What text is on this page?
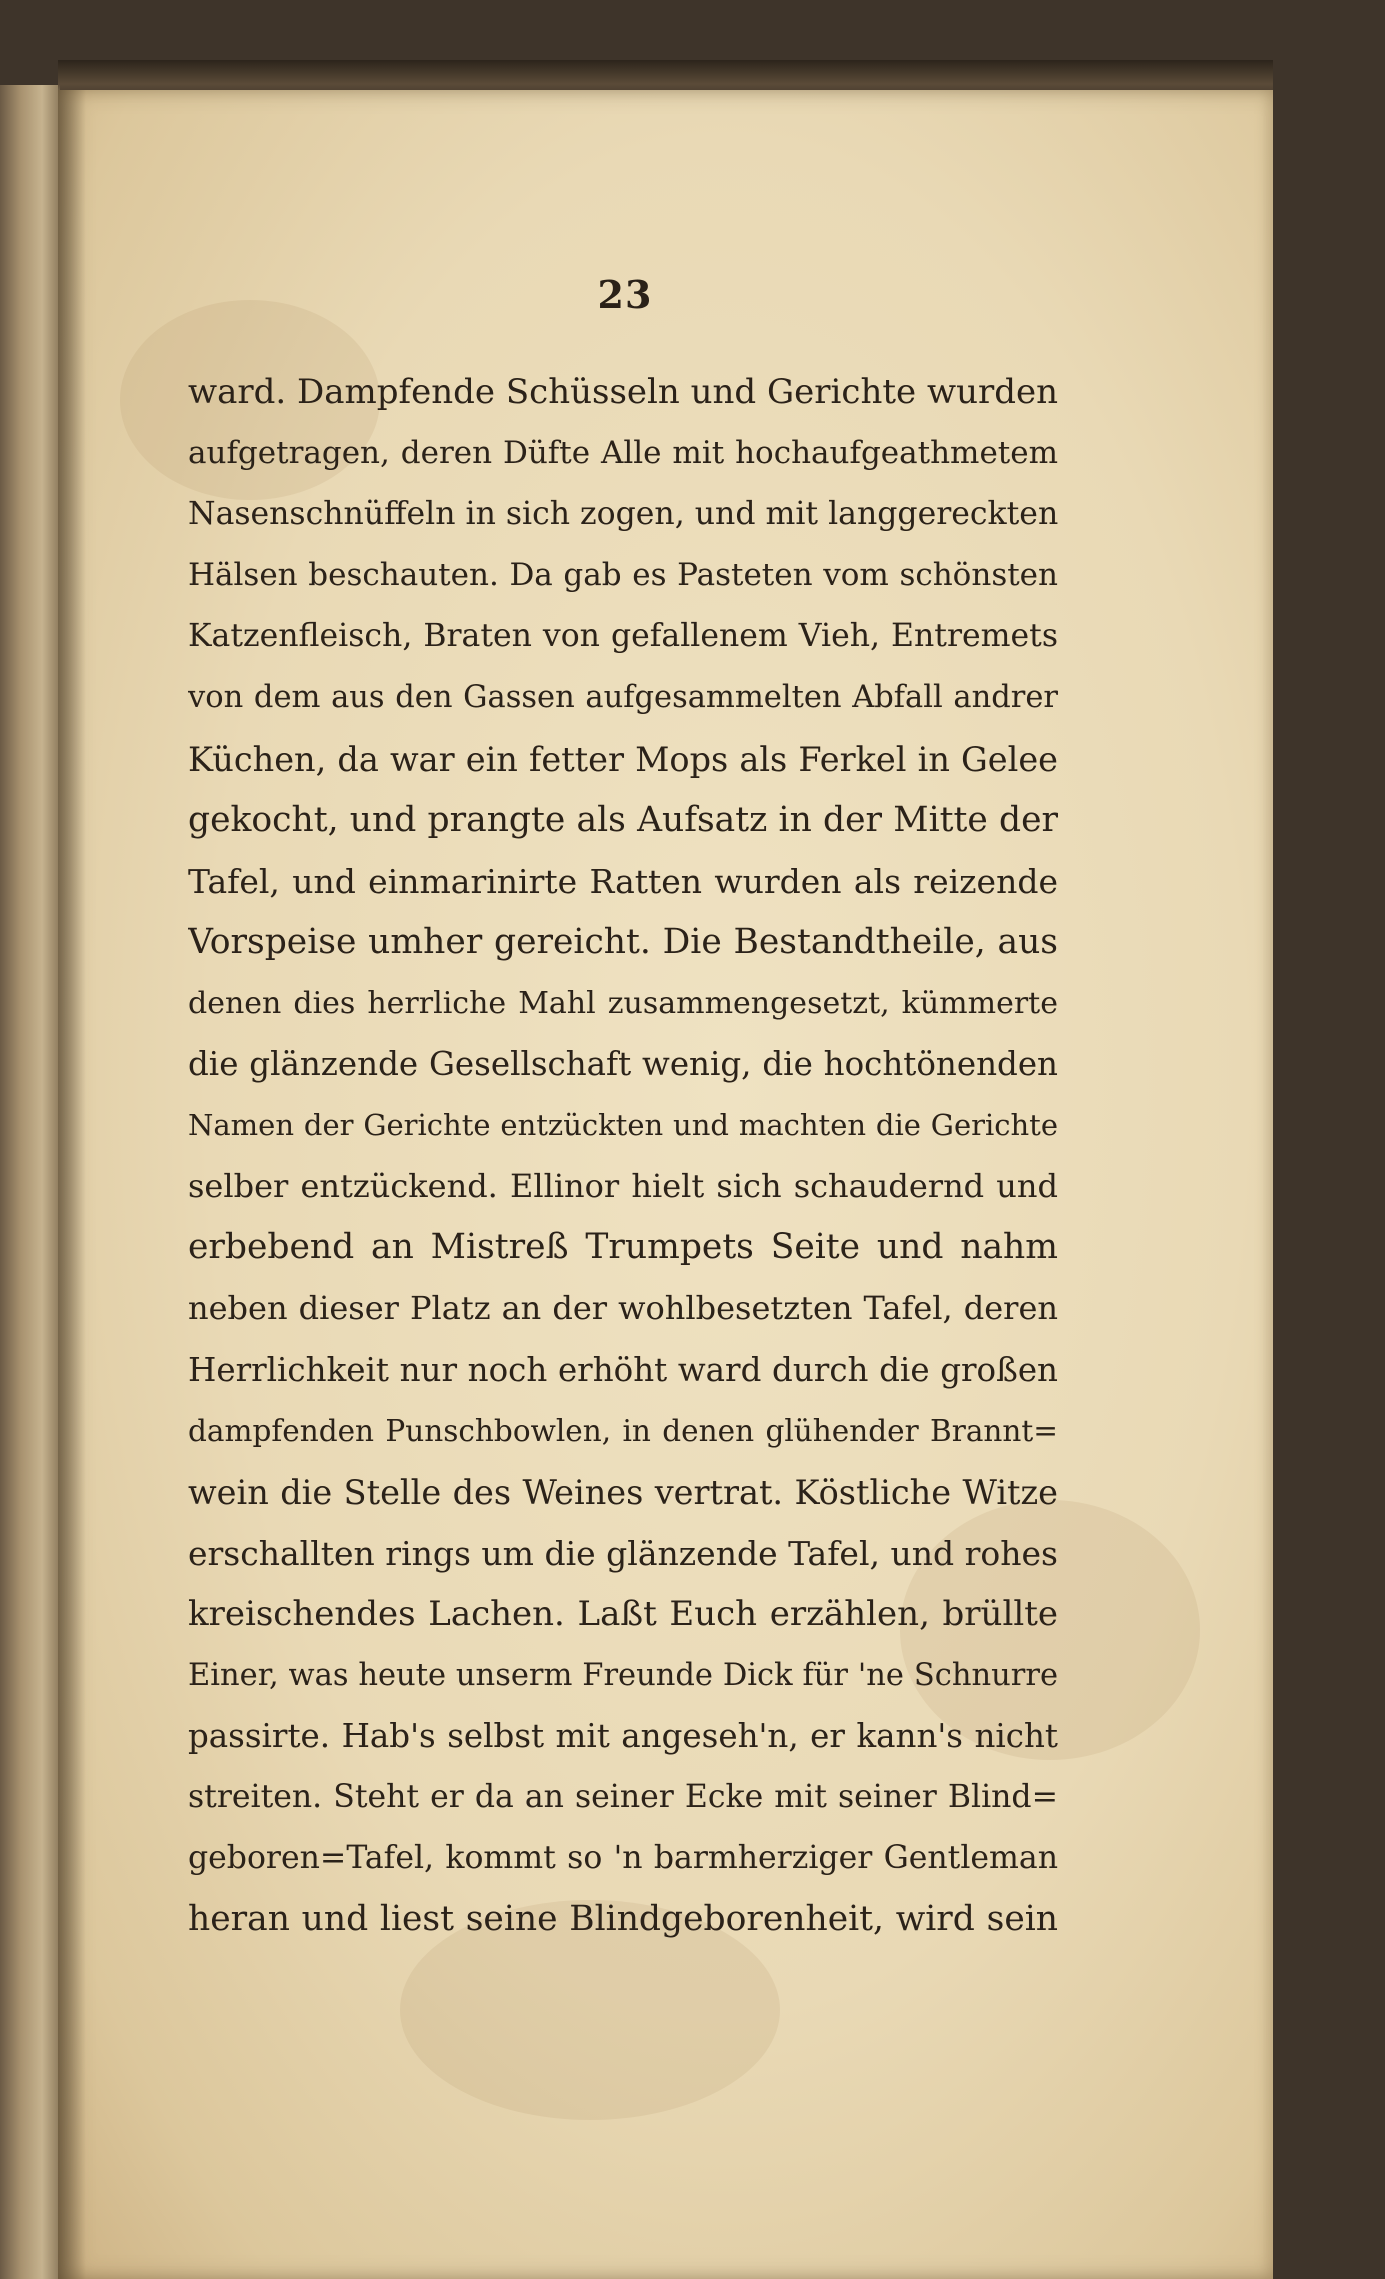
23
ward. Dampfende Schüsseln und Gerichte wurden
aufgetragen, deren Düfte Alle mit hochaufgeathmetem
Nasenschnüffeln in sich zogen, und mit langgereckten
Hälsen beschauten. Da gab es Pasteten vom schönsten
Katzenfleisch, Braten von gefallenem Vieh, Entremets
von dem aus den Gassen aufgesammelten Abfall andrer
Küchen, da war ein fetter Mops als Ferkel in Gelee
gekocht, und prangte als Aufsatz in der Mitte der
Tafel, und einmarinirte Ratten wurden als reizende
Vorspeise umher gereicht. Die Bestandtheile, aus
denen dies herrliche Mahl zusammengesetzt, kümmerte
die glänzende Gesellschaft wenig, die hochtönenden
Namen der Gerichte entzückten und machten die Gerichte
selber entzückend. Ellinor hielt sich schaudernd und
erbebend an Mistreß Trumpets Seite und nahm
neben dieser Platz an der wohlbesetzten Tafel, deren
Herrlichkeit nur noch erhöht ward durch die großen
dampfenden Punschbowlen, in denen glühender Brannt=
wein die Stelle des Weines vertrat. Köstliche Witze
erschallten rings um die glänzende Tafel, und rohes
kreischendes Lachen. Laßt Euch erzählen, brüllte
Einer, was heute unserm Freunde Dick für 'ne Schnurre
passirte. Hab's selbst mit angeseh'n, er kann's nicht
streiten. Steht er da an seiner Ecke mit seiner Blind=
geboren=Tafel, kommt so 'n barmherziger Gentleman
heran und liest seine Blindgeborenheit, wird sein
